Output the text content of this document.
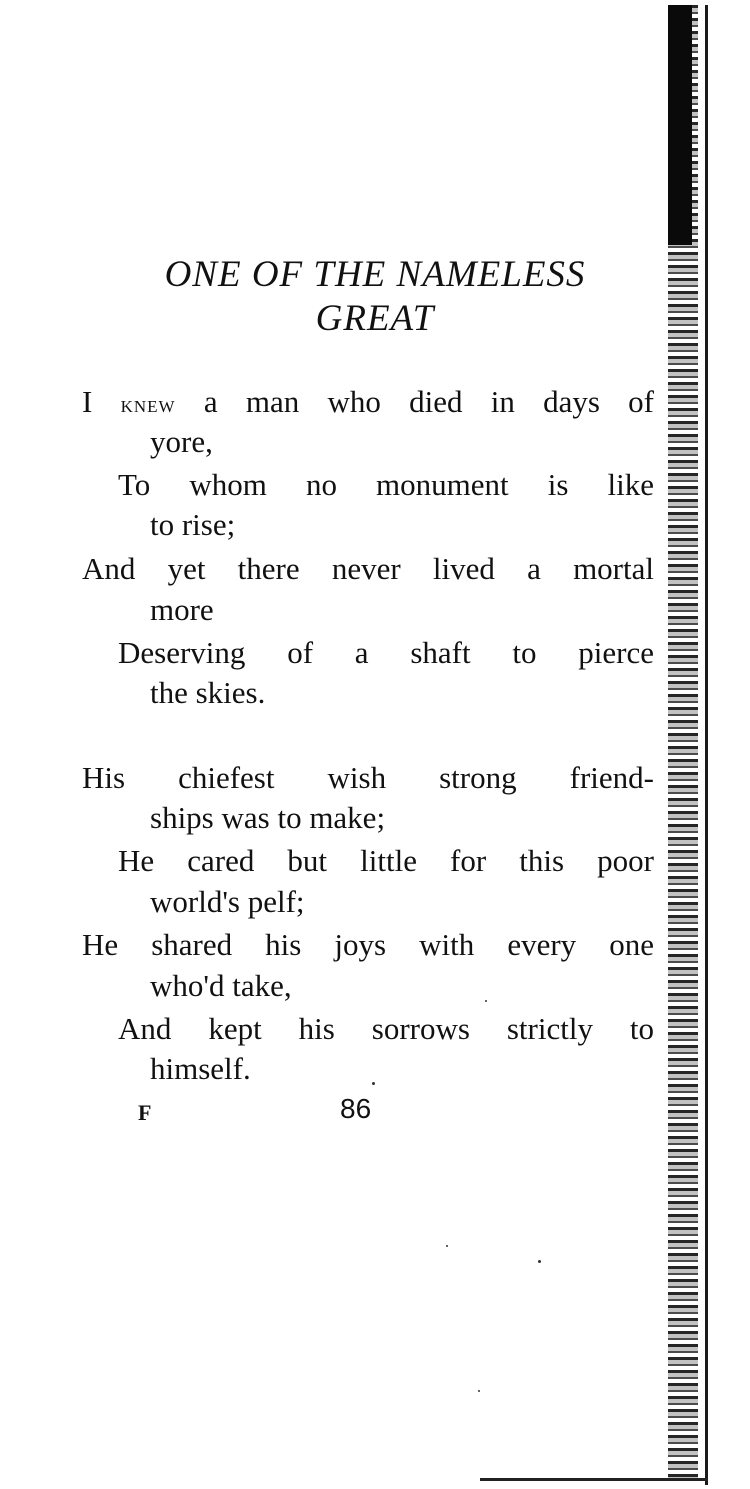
ONE OF THE NAMELESS
GREAT
I knew a man who died in days of
yore,
To whom no monument is like
to rise;
And yet there never lived a mortal
more
Deserving of a shaft to pierce
the skies.
His chiefest wish strong friend-
ships was to make;
He cared but little for this poor
world's pelf;
He shared his joys with every one
who'd take,
And kept his sorrows strictly to
himself.
F	86
